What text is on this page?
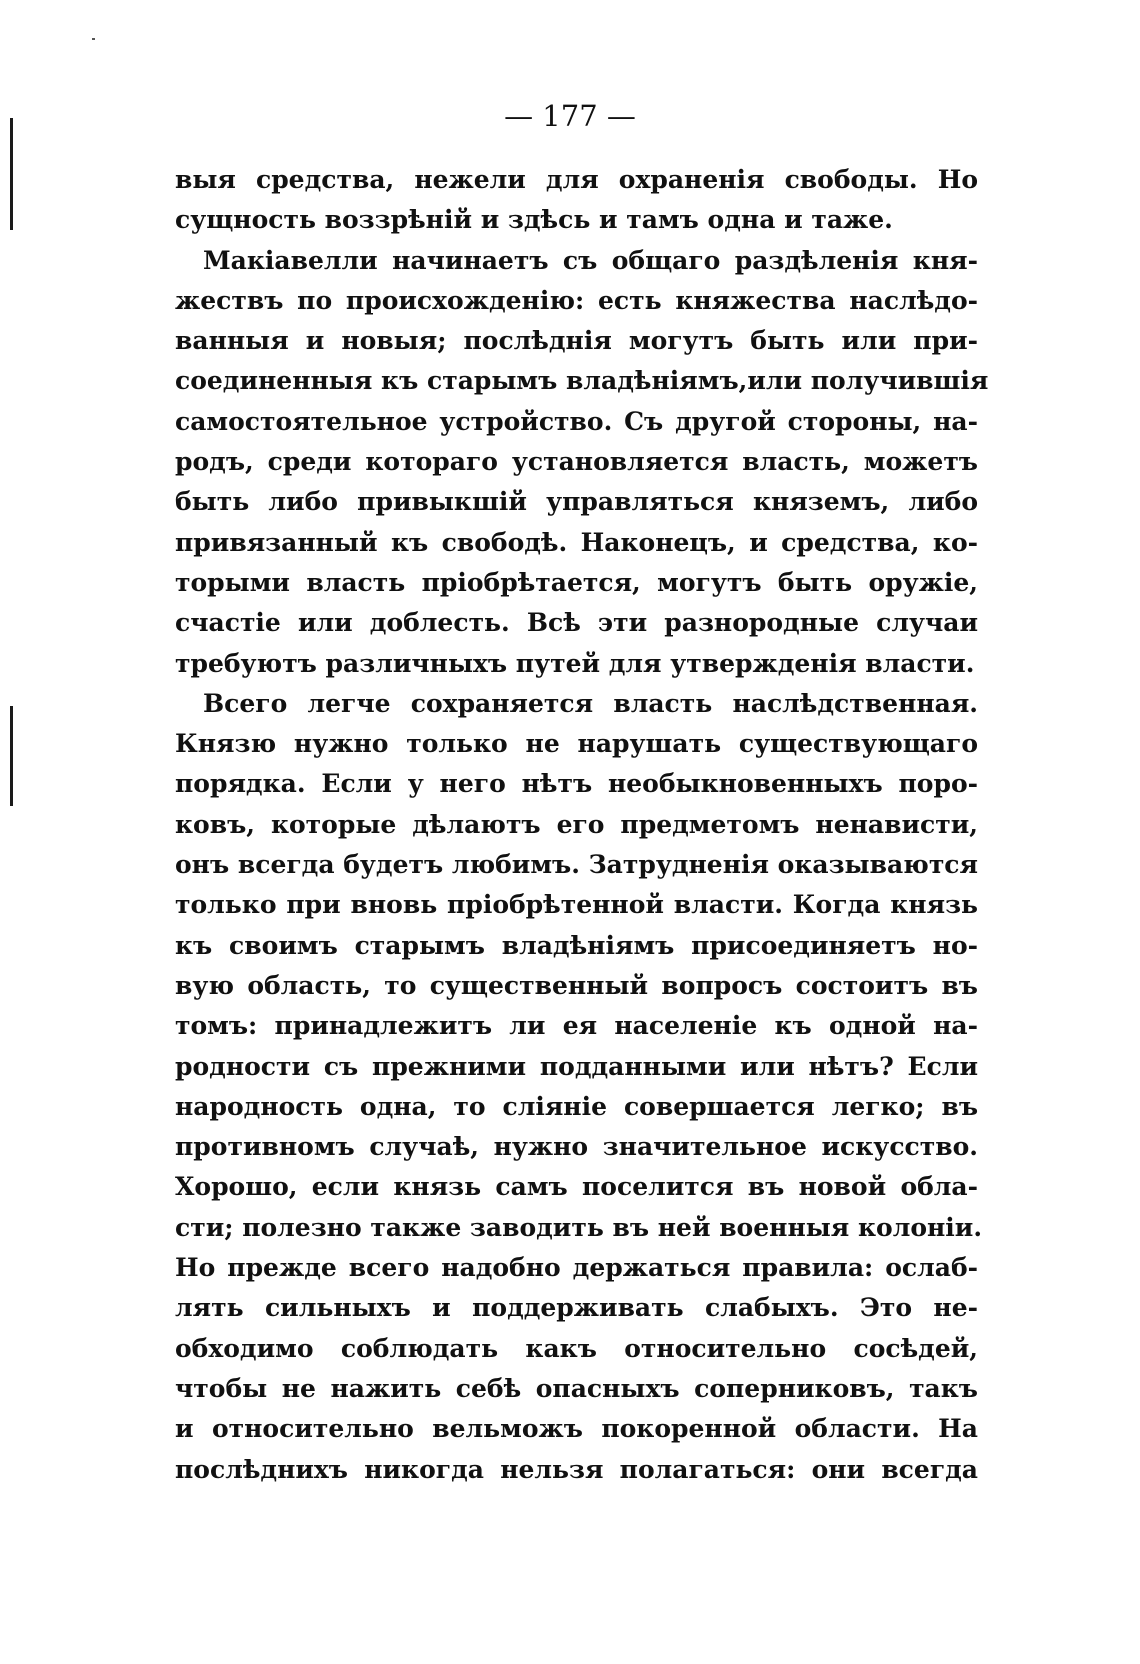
— 177 —
выя средства, нежели для охраненія свободы. Но
сущность воззрѣній и здѣсь и тамъ одна и таже.
Макіавелли начинаетъ съ общаго раздѣленія кня-
жествъ по происхожденію: есть княжества наслѣдо-
ванныя и новыя; послѣднія могутъ быть или при-
соединенныя къ старымъ владѣніямъ,или получившія
самостоятельное устройство. Съ другой стороны, на-
родъ, среди котораго установляется власть, можетъ
быть либо привыкшій управляться княземъ, либо
привязанный къ свободѣ. Наконецъ, и средства, ко-
торыми власть пріобрѣтается, могутъ быть оружіе,
счастіе или доблесть. Всѣ эти разнородные случаи
требуютъ различныхъ путей для утвержденія власти.
Всего легче сохраняется власть наслѣдственная.
Князю нужно только не нарушать существующаго
порядка. Если у него нѣтъ необыкновенныхъ поро-
ковъ, которые дѣлаютъ его предметомъ ненависти,
онъ всегда будетъ любимъ. Затрудненія оказываются
только при вновь пріобрѣтенной власти. Когда князь
къ своимъ старымъ владѣніямъ присоединяетъ но-
вую область, то существенный вопросъ состоитъ въ
томъ: принадлежитъ ли ея населеніе къ одной на-
родности съ прежними подданными или нѣтъ? Если
народность одна, то сліяніе совершается легко; въ
противномъ случаѣ, нужно значительное искусство.
Хорошо, если князь самъ поселится въ новой обла-
сти; полезно также заводить въ ней военныя колоніи.
Но прежде всего надобно держаться правила: ослаб-
лять сильныхъ и поддерживать слабыхъ. Это не-
обходимо соблюдать какъ относительно сосѣдей,
чтобы не нажить себѣ опасныхъ соперниковъ, такъ
и относительно вельможъ покоренной области. На
послѣднихъ никогда нельзя полагаться: они всегда
